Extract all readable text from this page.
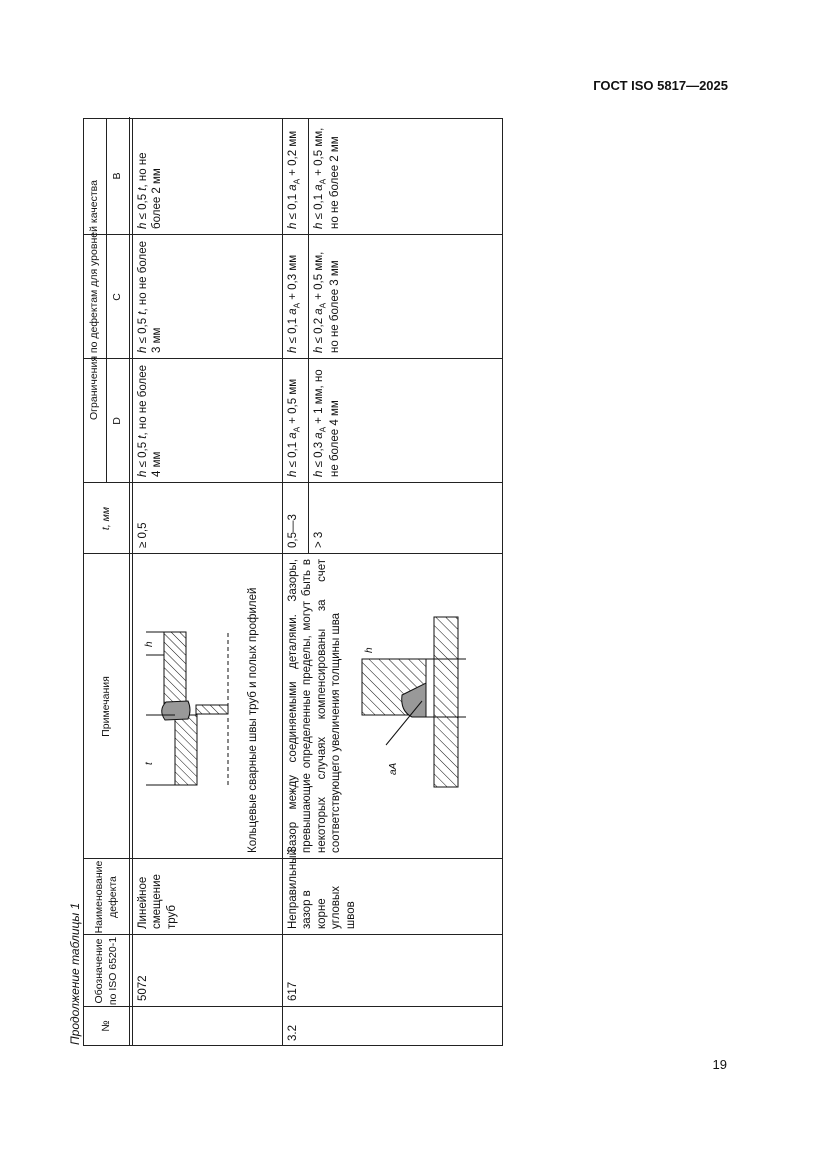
ГОСТ ISO 5817—2025
Продолжение таблицы 1
19
№
Обозначение по ISO 6520-1
Наименование дефекта
Примечания
t, мм
Ограничения по дефектам для уровней качества
D
C
B
5072
Линейное смещение труб
Кольцевые сварные швы труб и полых профилей
≥ 0,5
h ≤ 0,5 t, но не более 4 мм
h ≤ 0,5 t, но не более 3 мм
h ≤ 0,5 t, но не более 2 мм
t
h
3.2
617
Неправильный зазор в корне угловых швов
Зазор между соединяемыми деталями. Зазоры, превышающие определенные пределы, могут быть в некоторых случаях компенсированы за счет соответствующего увеличения толщины шва
0,5—3 > 3
h ≤ 0,1 $a_A + 0,5$ мм
h ≤ 0,1 $a_A + 0,3$ мм
h ≤ 0,1 $a_A + 0,2$ мм
h ≤ 0,3 $a_A + 1$ мм, но не более 4 мм
h ≤ 0,2 $a_A + 0,5$ мм, но не более 3 мм
h ≤ 0,1 $a_A + 0,5$ мм, но не более 2 мм
h
aA
